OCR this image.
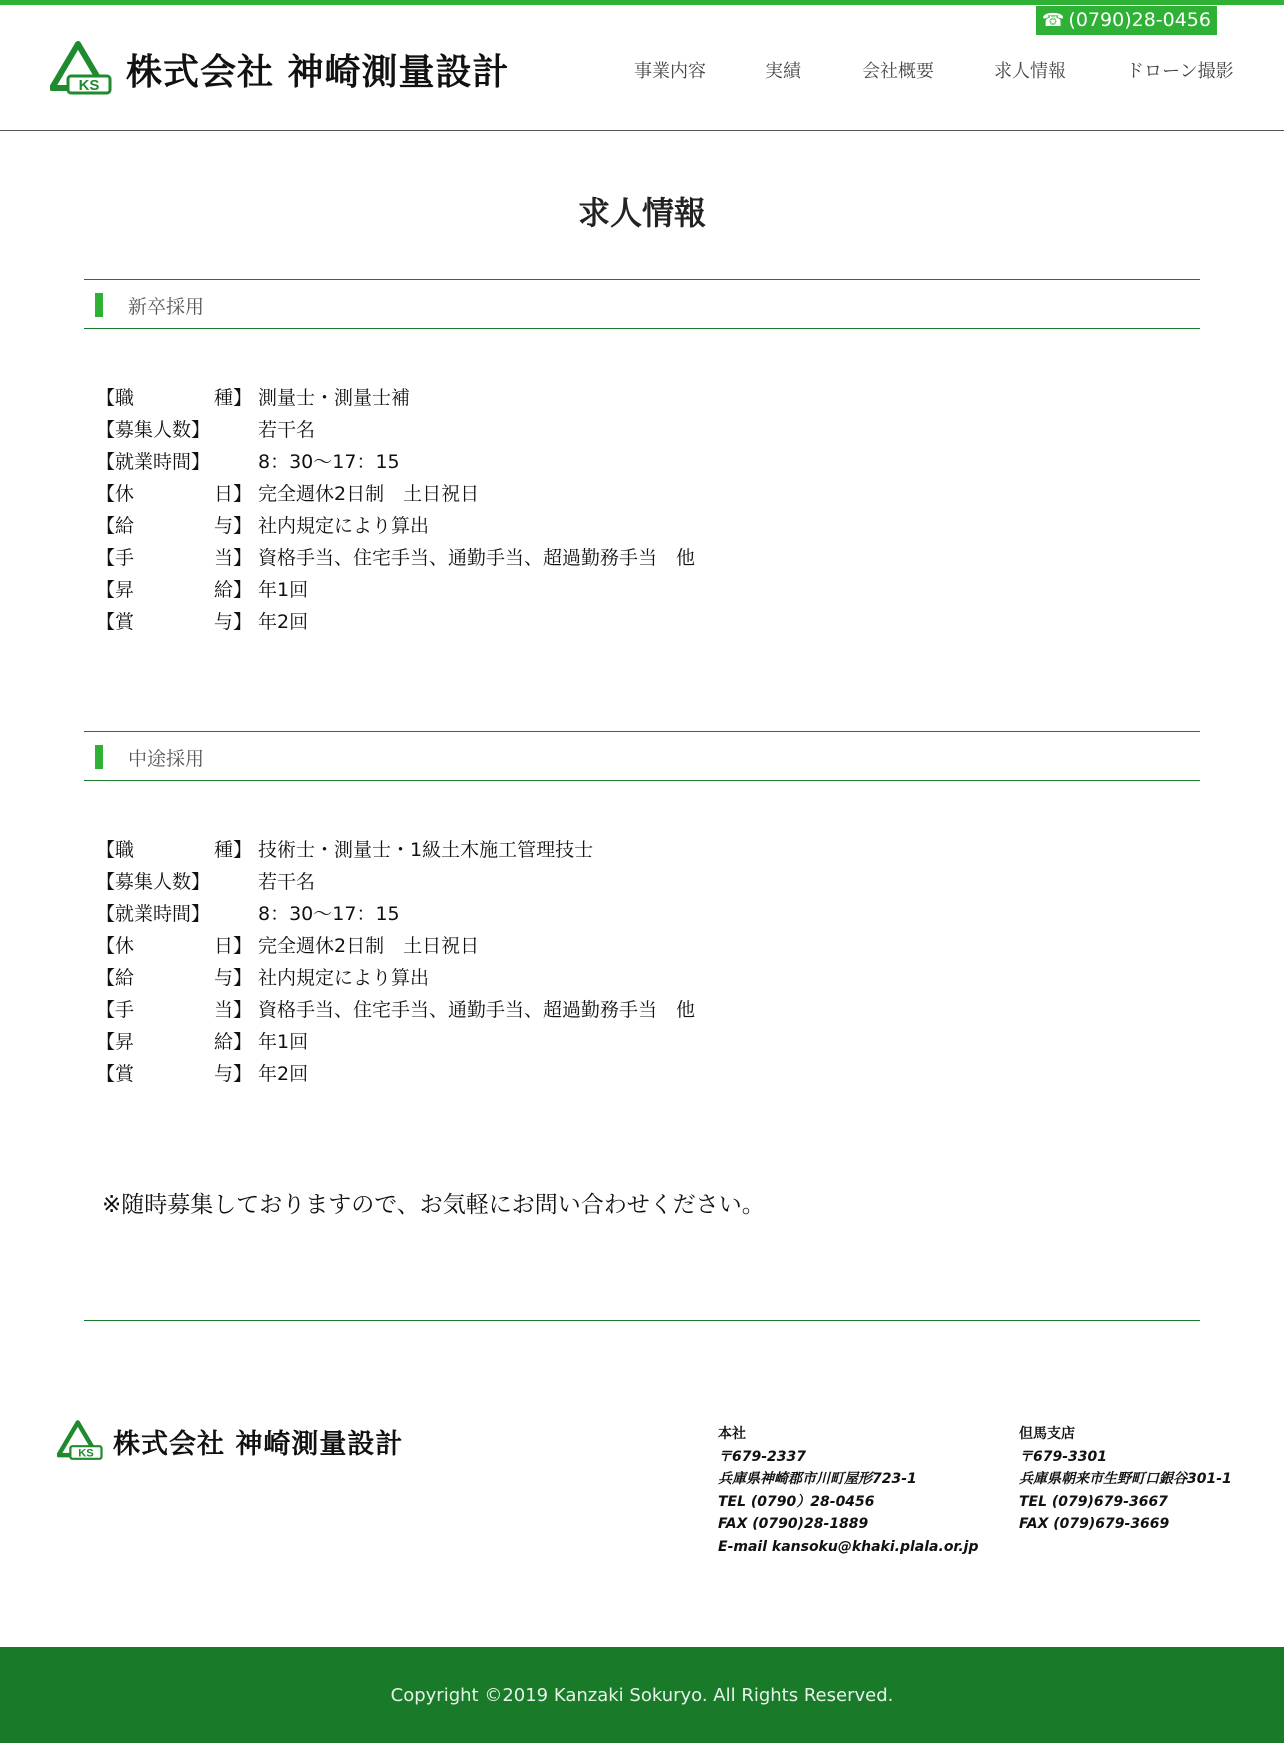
☎ (0790)28-0456
KS 株式会社 神崎測量設計	事業内容	実績	会社概要	求人情報	ドローン撮影
求人情報
新卒採用
【職	種】 測量士・測量士補
【募集人数】	若干名
【就業時間】	8：30〜17：15
【休	日】 完全週休2日制　土日祝日
【給	与】 社内規定により算出
【手	当】 資格手当、住宅手当、通勤手当、超過勤務手当　他
【昇	給】 年1回
【賞	与】 年2回
中途採用
【職	種】 技術士・測量士・1級土木施工管理技士
【募集人数】	若干名
【就業時間】	8：30〜17：15
【休	日】 完全週休2日制　土日祝日
【給	与】 社内規定により算出
【手	当】 資格手当、住宅手当、通勤手当、超過勤務手当　他
【昇	給】 年1回
【賞	与】 年2回

※随時募集しておりますので、お気軽にお問い合わせください。

KS 株式会社 神崎測量設計	本社
〒679-2337
兵庫県神崎郡市川町屋形723-1
TEL (0790）28-0456
FAX (0790)28-1889
E-mail kansoku@khaki.plala.or.jp
但馬支店
〒679-3301
兵庫県朝来市生野町口銀谷301-1
TEL (079)679-3667
FAX (079)679-3669
Copyright ©2019 Kanzaki Sokuryo. All Rights Reserved.
